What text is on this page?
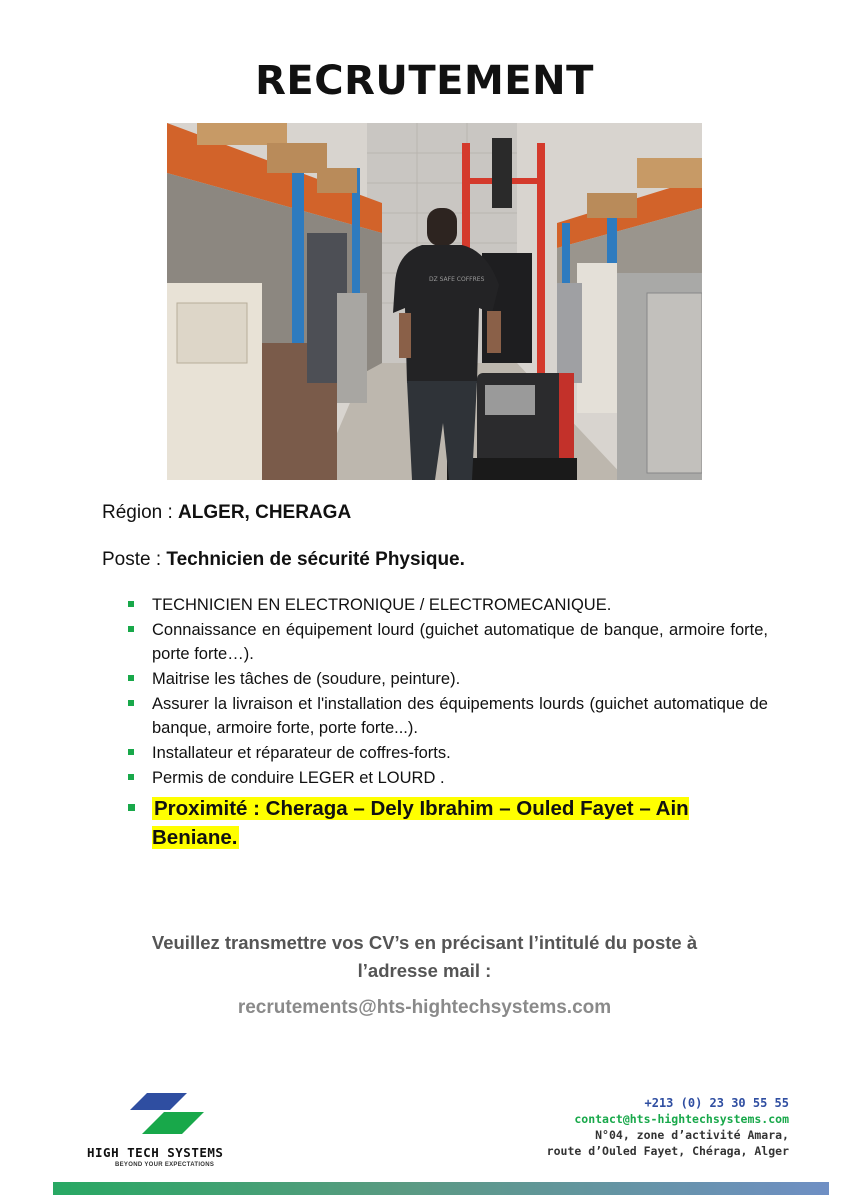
RECRUTEMENT
DZ SAFE COFFRES
Région : ALGER, CHERAGA
Poste : Technicien de sécurité Physique.
TECHNICIEN EN ELECTRONIQUE / ELECTROMECANIQUE.
Connaissance en équipement lourd (guichet automatique de banque, armoire forte, porte forte…).
Maitrise les tâches de (soudure, peinture).
Assurer la livraison et l'installation des équipements lourds (guichet automatique de banque, armoire forte, porte forte...).
Installateur et réparateur de coffres-forts.
Permis de conduire LEGER et LOURD .
Proximité : Cheraga – Dely Ibrahim – Ouled Fayet – Ain Beniane.
Veuillez transmettre vos CV’s en précisant l’intitulé du poste à
l’adresse mail :
recrutements@hts-hightechsystems.com
HIGH TECH SYSTEMS
BEYOND YOUR EXPECTATIONS
+213 (0) 23 30 55 55
contact@hts-hightechsystems.com
N°04, zone d’activité Amara,
route d’Ouled Fayet, Chéraga, Alger
